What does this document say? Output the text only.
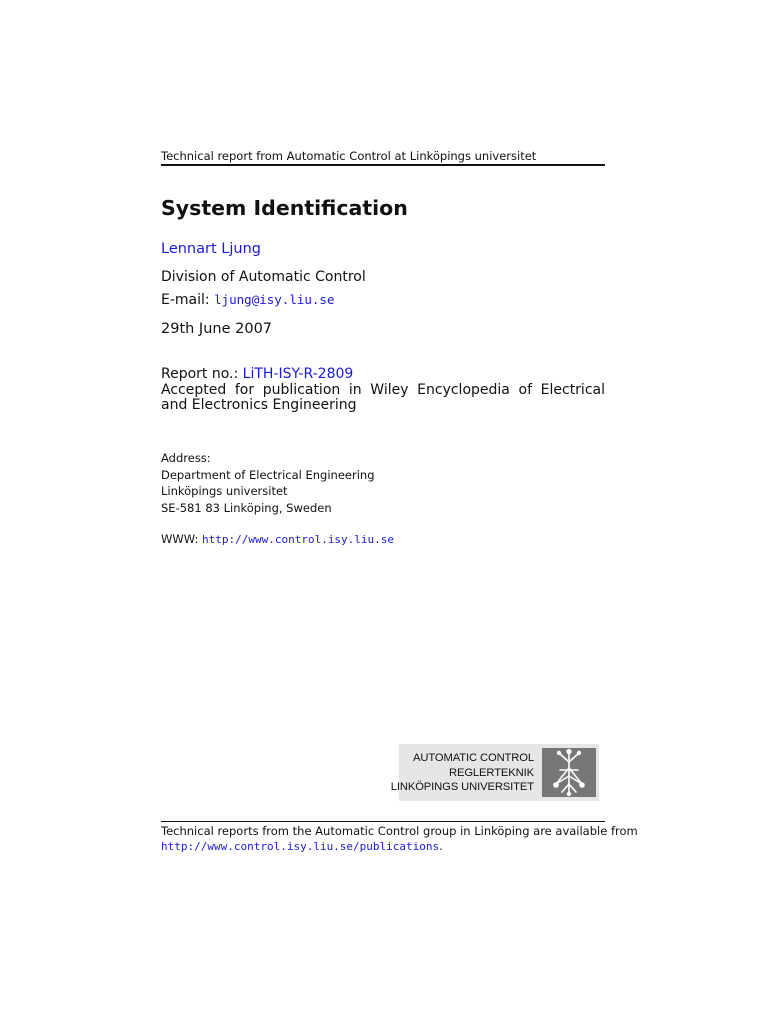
Technical report from Automatic Control at Linköpings universitet
System Identification
Lennart Ljung
Division of Automatic Control
E-mail: ljung@isy.liu.se
29th June 2007
Report no.: LiTH-ISY-R-2809
Accepted for publication in Wiley Encyclopedia of Electrical and Electronics Engineering
Address:
Department of Electrical Engineering
Linköpings universitet
SE-581 83 Linköping, Sweden
WWW: http://www.control.isy.liu.se
AUTOMATIC CONTROL
REGLERTEKNIK
LINKÖPINGS UNIVERSITET
Technical reports from the Automatic Control group in Linköping are available from
http://www.control.isy.liu.se/publications.
